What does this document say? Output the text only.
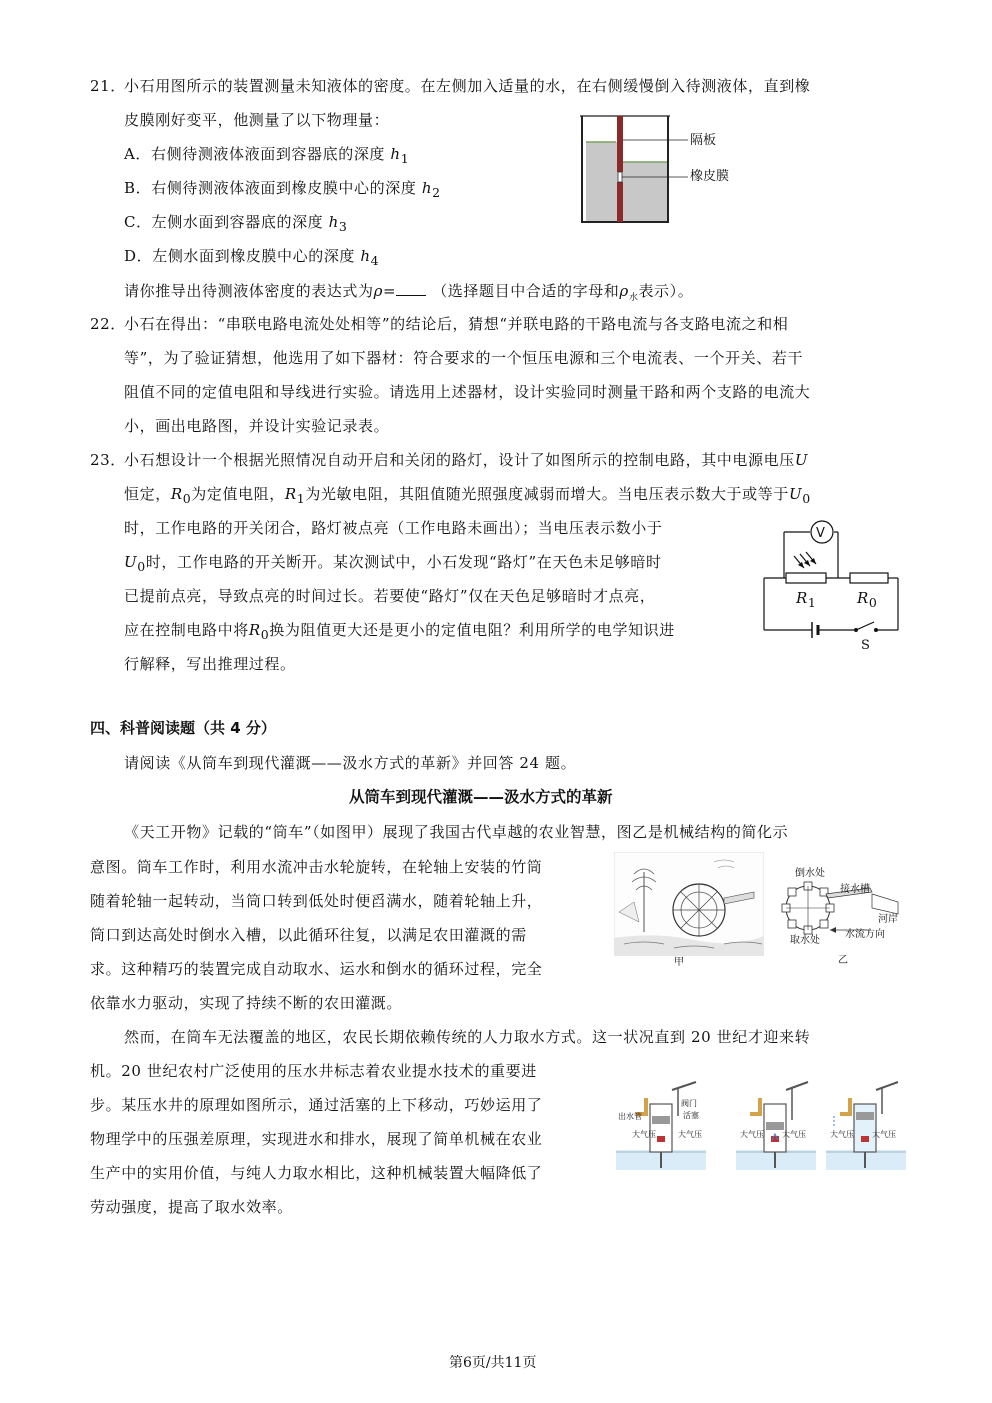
21．
小石用图所示的装置测量未知液体的密度。在左侧加入适量的水，在右侧缓慢倒入待测液体，直到橡
皮膜刚好变平，他测量了以下物理量：
A．右侧待测液体液面到容器底的深度 $h_1$
B．右侧待测液体液面到橡皮膜中心的深度 $h_2$
C．左侧水面到容器底的深度 $h_3$
D．左侧水面到橡皮膜中心的深度 $h_4$
请你推导出待测液体密度的表达式为ρ= （选择题目中合适的字母和$\rho_水$表示）。
隔板
橡皮膜
22．
小石在得出：“串联电路电流处处相等”的结论后，猜想“并联电路的干路电流与各支路电流之和相
等”，为了验证猜想，他选用了如下器材：符合要求的一个恒压电源和三个电流表、一个开关、若干
阻值不同的定值电阻和导线进行实验。请选用上述器材，设计实验同时测量干路和两个支路的电流大
小，画出电路图，并设计实验记录表。
23．
小石想设计一个根据光照情况自动开启和关闭的路灯，设计了如图所示的控制电路，其中电源电压U
恒定，$R_0$为定值电阻，$R_1$为光敏电阻，其阻值随光照强度减弱而增大。当电压表示数大于或等于$U_0$
时，工作电路的开关闭合，路灯被点亮（工作电路未画出）；当电压表示数小于
$U_0$时，工作电路的开关断开。某次测试中，小石发现“路灯”在天色未足够暗时
已提前点亮，导致点亮的时间过长。若要使“路灯”仅在天色足够暗时才点亮，
应在控制电路中将$R_0$换为阻值更大还是更小的定值电阻？利用所学的电学知识进
行解释，写出推理过程。
V
$R_1$	$R_0$
S
四、科普阅读题（共 4 分）
请阅读《从筒车到现代灌溉——汲水方式的革新》并回答 24 题。
从筒车到现代灌溉——汲水方式的革新
《天工开物》记载的“筒车”（如图甲）展现了我国古代卓越的农业智慧，图乙是机械结构的简化示
意图。筒车工作时，利用水流冲击水轮旋转，在轮轴上安装的竹筒
随着轮轴一起转动，当筒口转到低处时便舀满水，随着轮轴上升，
筒口到达高处时倒水入槽，以此循环往复，以满足农田灌溉的需
求。这种精巧的装置完成自动取水、运水和倒水的循环过程，完全
依靠水力驱动，实现了持续不断的农田灌溉。
甲
倒水处
接水槽
河岸
取水处
水流方向
乙
然而，在筒车无法覆盖的地区，农民长期依赖传统的人力取水方式。这一状况直到 20 世纪才迎来转
机。20 世纪农村广泛使用的压水井标志着农业提水技术的重要进
步。某压水井的原理如图所示，通过活塞的上下移动，巧妙运用了
物理学中的压强差原理，实现进水和排水，展现了简单机械在农业
生产中的实用价值，与纯人力取水相比，这种机械装置大幅降低了
劳动强度，提高了取水效率。
出水管
阀门
活塞
大气压	大气压	大气压 大气压	大气压 大气压
第6页/共11页
